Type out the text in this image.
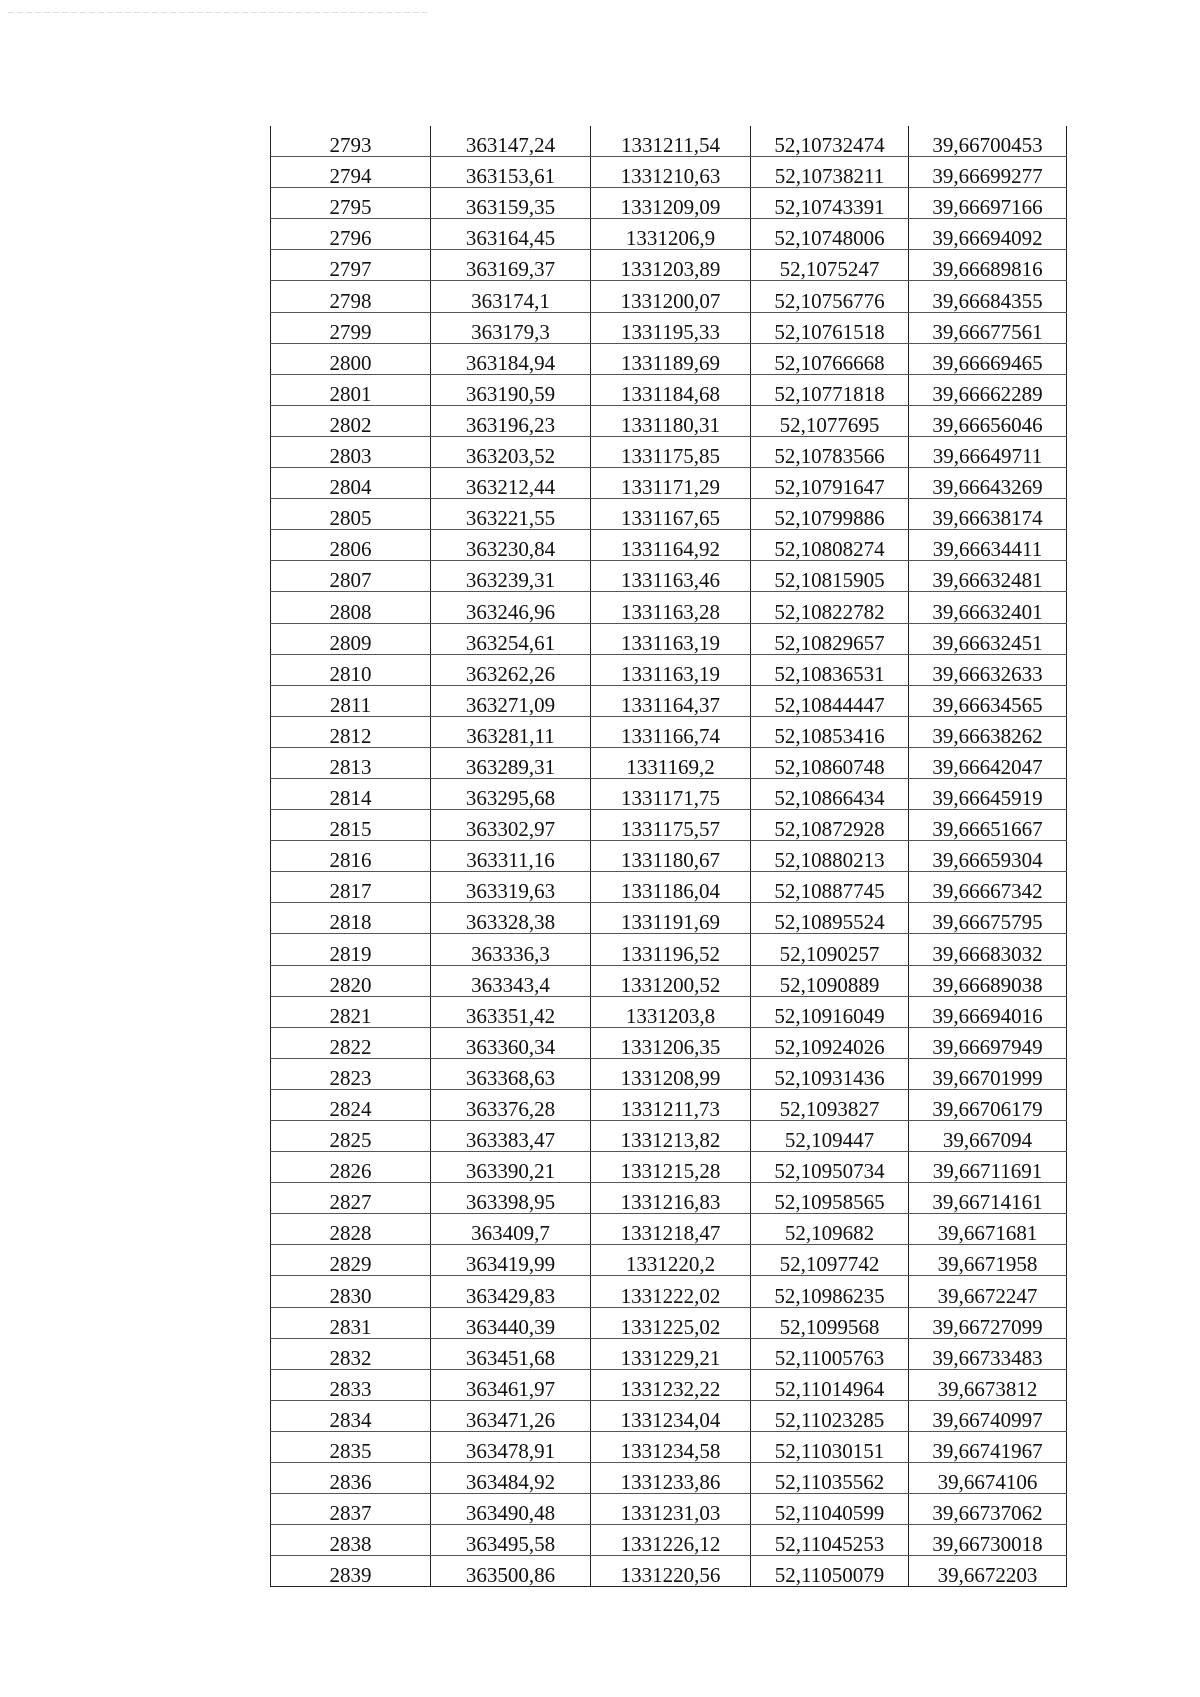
2793	363147,24	1331211,54	52,10732474	39,66700453
2794	363153,61	1331210,63	52,10738211	39,66699277
2795	363159,35	1331209,09	52,10743391	39,66697166
2796	363164,45	1331206,9	52,10748006	39,66694092
2797	363169,37	1331203,89	52,1075247	39,66689816
2798	363174,1	1331200,07	52,10756776	39,66684355
2799	363179,3	1331195,33	52,10761518	39,66677561
2800	363184,94	1331189,69	52,10766668	39,66669465
2801	363190,59	1331184,68	52,10771818	39,66662289
2802	363196,23	1331180,31	52,1077695	39,66656046
2803	363203,52	1331175,85	52,10783566	39,66649711
2804	363212,44	1331171,29	52,10791647	39,66643269
2805	363221,55	1331167,65	52,10799886	39,66638174
2806	363230,84	1331164,92	52,10808274	39,66634411
2807	363239,31	1331163,46	52,10815905	39,66632481
2808	363246,96	1331163,28	52,10822782	39,66632401
2809	363254,61	1331163,19	52,10829657	39,66632451
2810	363262,26	1331163,19	52,10836531	39,66632633
2811	363271,09	1331164,37	52,10844447	39,66634565
2812	363281,11	1331166,74	52,10853416	39,66638262
2813	363289,31	1331169,2	52,10860748	39,66642047
2814	363295,68	1331171,75	52,10866434	39,66645919
2815	363302,97	1331175,57	52,10872928	39,66651667
2816	363311,16	1331180,67	52,10880213	39,66659304
2817	363319,63	1331186,04	52,10887745	39,66667342
2818	363328,38	1331191,69	52,10895524	39,66675795
2819	363336,3	1331196,52	52,1090257	39,66683032
2820	363343,4	1331200,52	52,1090889	39,66689038
2821	363351,42	1331203,8	52,10916049	39,66694016
2822	363360,34	1331206,35	52,10924026	39,66697949
2823	363368,63	1331208,99	52,10931436	39,66701999
2824	363376,28	1331211,73	52,1093827	39,66706179
2825	363383,47	1331213,82	52,109447	39,667094
2826	363390,21	1331215,28	52,10950734	39,66711691
2827	363398,95	1331216,83	52,10958565	39,66714161
2828	363409,7	1331218,47	52,109682	39,6671681
2829	363419,99	1331220,2	52,1097742	39,6671958
2830	363429,83	1331222,02	52,10986235	39,6672247
2831	363440,39	1331225,02	52,1099568	39,66727099
2832	363451,68	1331229,21	52,11005763	39,66733483
2833	363461,97	1331232,22	52,11014964	39,6673812
2834	363471,26	1331234,04	52,11023285	39,66740997
2835	363478,91	1331234,58	52,11030151	39,66741967
2836	363484,92	1331233,86	52,11035562	39,6674106
2837	363490,48	1331231,03	52,11040599	39,66737062
2838	363495,58	1331226,12	52,11045253	39,66730018
2839	363500,86	1331220,56	52,11050079	39,6672203
